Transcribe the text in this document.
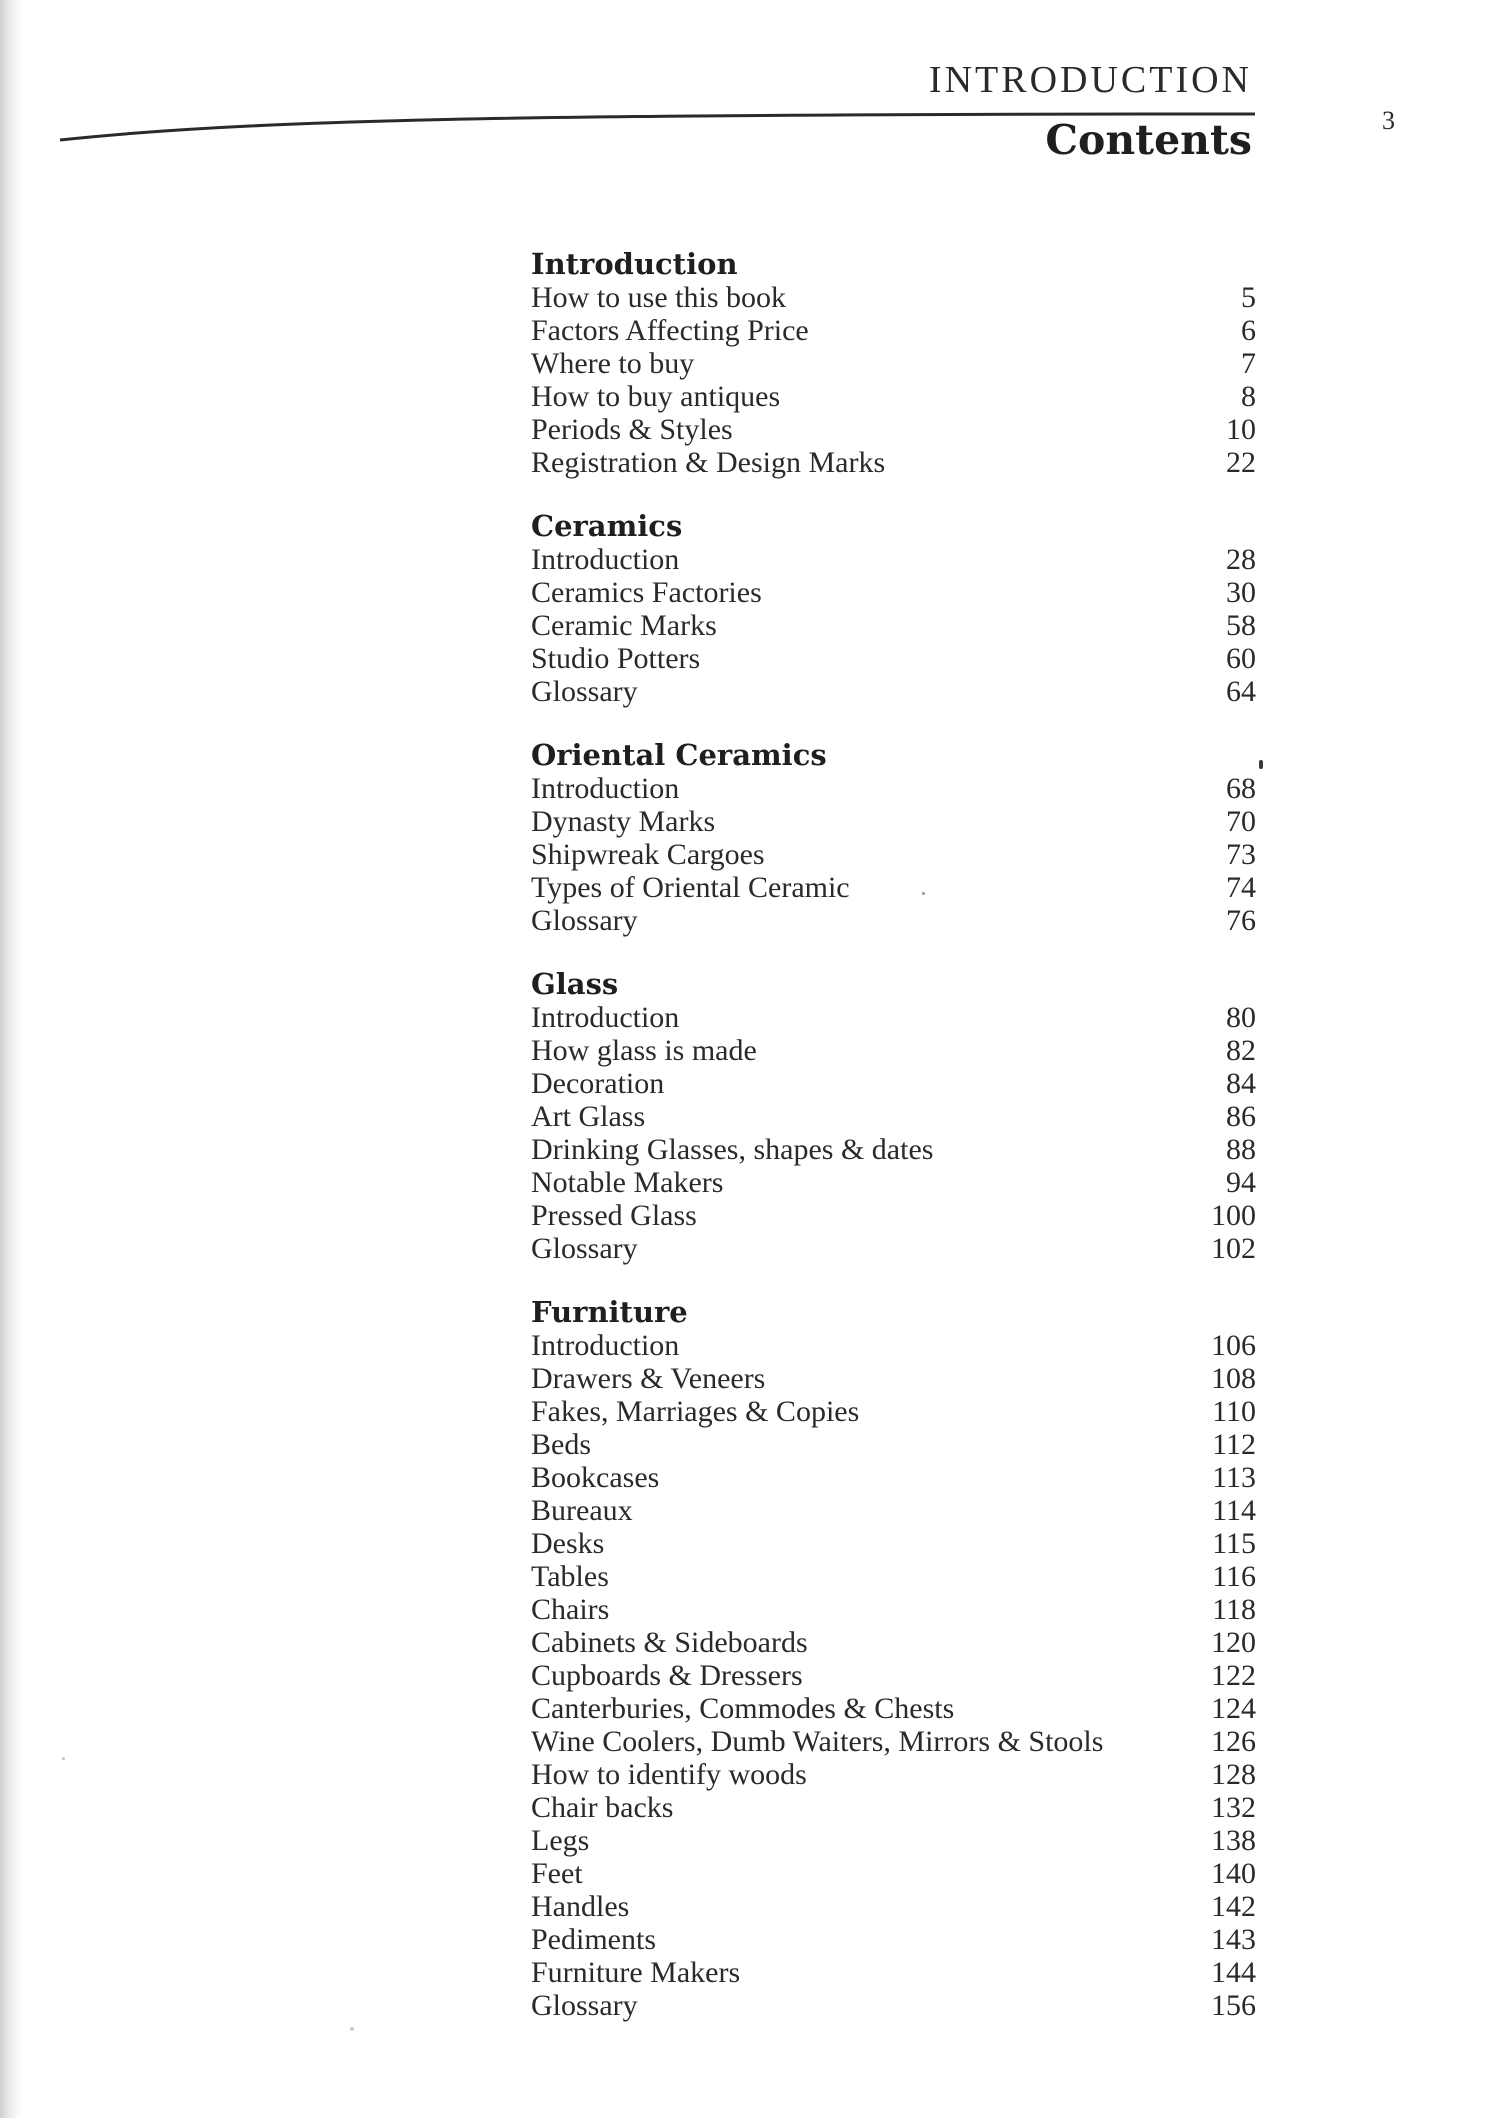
INTRODUCTION
3
Contents
Introduction
How to use this book	5
Factors Affecting Price	6
Where to buy	7
How to buy antiques	8
Periods & Styles	10
Registration & Design Marks	22
Ceramics
Introduction	28
Ceramics Factories	30
Ceramic Marks	58
Studio Potters	60
Glossary	64
Oriental Ceramics
Introduction	68
Dynasty Marks	70
Shipwreak Cargoes	73
Types of Oriental Ceramic	74
Glossary	76
Glass
Introduction	80
How glass is made	82
Decoration	84
Art Glass	86
Drinking Glasses, shapes & dates	88
Notable Makers	94
Pressed Glass	100
Glossary	102
Furniture
Introduction	106
Drawers & Veneers	108
Fakes, Marriages & Copies	110
Beds	112
Bookcases	113
Bureaux	114
Desks	115
Tables	116
Chairs	118
Cabinets & Sideboards	120
Cupboards & Dressers	122
Canterburies, Commodes & Chests	124
Wine Coolers, Dumb Waiters, Mirrors & Stools	126
How to identify woods	128
Chair backs	132
Legs	138
Feet	140
Handles	142
Pediments	143
Furniture Makers	144
Glossary	156
